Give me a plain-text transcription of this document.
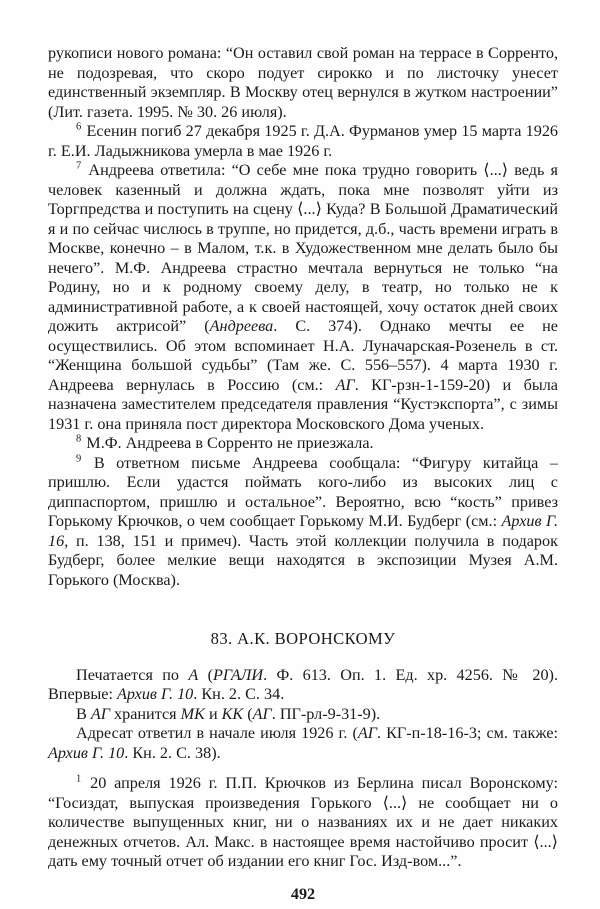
рукописи нового романа: “Он оставил свой роман на террасе в Сорренто, не подозревая, что скоро подует сирокко и по листочку унесет единственный экземпляр. В Москву отец вернулся в жутком настроении” (Лит. газета. 1995. № 30. 26 июля).

$^6$ Есенин погиб 27 декабря 1925 г. Д.А. Фурманов умер 15 марта 1926 г. Е.И. Ладыжникова умерла в мае 1926 г.

$^7$ Андреева ответила: “О себе мне пока трудно говорить ⟨...⟩ ведь я человек казенный и должна ждать, пока мне позволят уйти из Торгпредства и поступить на сцену ⟨...⟩ Куда? В Большой Драматический я и по сейчас числюсь в труппе, но придется, д.б., часть времени играть в Москве, конечно – в Малом, т.к. в Художественном мне делать было бы нечего”. М.Ф. Андреева страстно мечтала вернуться не только “на Родину, но и к родному своему делу, в театр, но только не к административной работе, а к своей настоящей, хочу остаток дней своих дожить актрисой” (Андреева. С. 374). Однако мечты ее не осуществились. Об этом вспоминает Н.А. Луначарская-Розенель в ст. “Женщина большой судьбы” (Там же. С. 556–557). 4 марта 1930 г. Андреева вернулась в Россию (см.: АГ. КГ-рзн-1-159-20) и была назначена заместителем председателя правления “Кустэкспорта”, с зимы 1931 г. она приняла пост директора Московского Дома ученых.

$^8$ М.Ф. Андреева в Сорренто не приезжала.

$^9$ В ответном письме Андреева сообщала: “Фигуру китайца – пришлю. Если удастся поймать кого-либо из высоких лиц с диппаспортом, пришлю и остальное”. Вероятно, всю “кость” привез Горькому Крючков, о чем сообщает Горькому М.И. Будберг (см.: Архив Г. 16, п. 138, 151 и примеч). Часть этой коллекции получила в подарок Будберг, более мелкие вещи находятся в экспозиции Музея А.М. Горького (Москва).

83. А.К. ВОРОНСКОМУ

Печатается по А (РГАЛИ. Ф. 613. Оп. 1. Ед. хр. 4256. № 20). Впервые: Архив Г. 10. Кн. 2. С. 34.

В АГ хранится МК и КК (АГ. ПГ-рл-9-31-9).

Адресат ответил в начале июля 1926 г. (АГ. КГ-п-18-16-3; см. также: Архив Г. 10. Кн. 2. С. 38).

$^1$ 20 апреля 1926 г. П.П. Крючков из Берлина писал Воронскому: “Госиздат, выпуская произведения Горького ⟨...⟩ не сообщает ни о количестве выпущенных книг, ни о названиях их и не дает никаких денежных отчетов. Ал. Макс. в настоящее время настойчиво просит ⟨...⟩ дать ему точный отчет об издании его книг Гос. Изд-вом...”.

492
